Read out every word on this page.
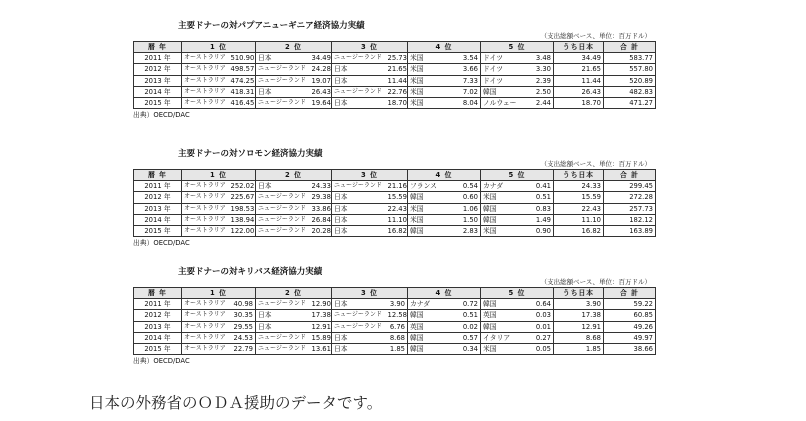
主要ドナーの対パプアニューギニア経済協力実績
（支出総額ベース、単位：百万ドル）
暦 年	1 位		2 位		3 位		4 位		5 位		うち日本	合 計
2011 年	オーストラリア	510.90	日本	34.49	ニュージーランド	25.73	米国	3.54	ドイツ	3.48	34.49	583.77
2012 年	オーストラリア	498.57	ニュージーランド	24.28	日本	21.65	米国	3.66	ドイツ	3.30	21.65	557.80
2013 年	オーストラリア	474.25	ニュージーランド	19.07	日本	11.44	米国	7.33	ドイツ	2.39	11.44	520.89
2014 年	オーストラリア	418.31	日本	26.43	ニュージーランド	22.76	米国	7.02	韓国	2.50	26.43	482.83
2015 年	オーストラリア	416.45	ニュージーランド	19.64	日本	18.70	米国	8.04	ノルウェー	2.44	18.70	471.27
出典）OECD/DAC
主要ドナーの対ソロモン経済協力実績
（支出総額ベース、単位：百万ドル）
暦 年	1 位		2 位		3 位		4 位		5 位		うち日本	合 計
2011 年	オーストラリア	252.02	日本	24.33	ニュージーランド	21.16	フランス	0.54	カナダ	0.41	24.33	299.45
2012 年	オーストラリア	225.67	ニュージーランド	29.38	日本	15.59	韓国	0.60	米国	0.51	15.59	272.28
2013 年	オーストラリア	198.53	ニュージーランド	33.86	日本	22.43	米国	1.06	韓国	0.83	22.43	257.73
2014 年	オーストラリア	138.94	ニュージーランド	26.84	日本	11.10	米国	1.50	韓国	1.49	11.10	182.12
2015 年	オーストラリア	122.00	ニュージーランド	20.28	日本	16.82	韓国	2.83	米国	0.90	16.82	163.89
出典）OECD/DAC
主要ドナーの対キリバス経済協力実績
（支出総額ベース、単位：百万ドル）
暦 年	1 位		2 位		3 位		4 位		5 位		うち日本	合 計
2011 年	オーストラリア	40.98	ニュージーランド	12.90	日本	3.90	カナダ	0.72	韓国	0.64	3.90	59.22
2012 年	オーストラリア	30.35	日本	17.38	ニュージーランド	12.58	韓国	0.51	英国	0.03	17.38	60.85
2013 年	オーストラリア	29.55	日本	12.91	ニュージーランド	6.76	英国	0.02	韓国	0.01	12.91	49.26
2014 年	オーストラリア	24.53	ニュージーランド	15.89	日本	8.68	韓国	0.57	イタリア	0.27	8.68	49.97
2015 年	オーストラリア	22.79	ニュージーランド	13.61	日本	1.85	韓国	0.34	米国	0.05	1.85	38.66
出典）OECD/DAC
日本の外務省のＯＤＡ援助のデータです。
